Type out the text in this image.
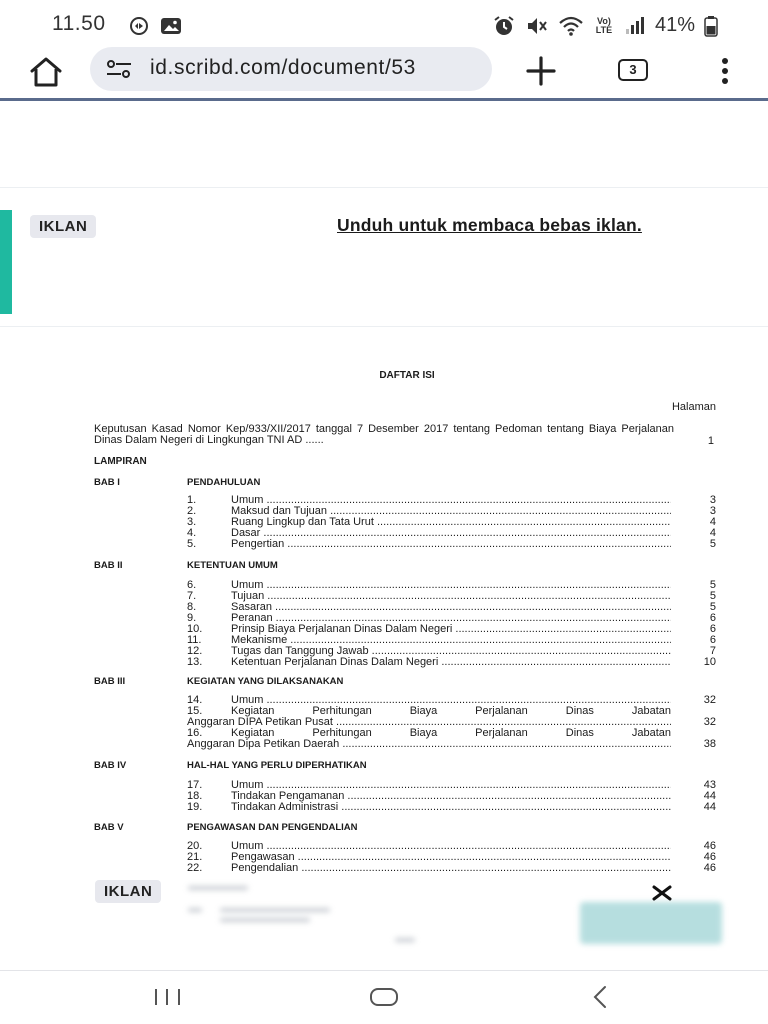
11.50	Vo) LTE 41%
id.scribd.com/document/53	3
IKLAN	Unduh untuk membaca bebas iklan.
DAFTAR ISI
Halaman
Keputusan Kasad Nomor Kep/933/XII/2017 tanggal 7 Desember 2017 tentang Pedoman tentang Biaya Perjalanan Dinas Dalam Negeri di Lingkungan TNI AD ......	1
LAMPIRAN
BAB I	PENDAHULUAN
1.	Umum .....	3
2.	Maksud dan Tujuan .....	3
3.	Ruang Lingkup dan Tata Urut .....	4
4.	Dasar .....	4
5.	Pengertian .....	5
BAB II	KETENTUAN UMUM
6.	Umum .....	5
7.	Tujuan .....	5
8.	Sasaran .....	5
9.	Peranan .....	6
10.	Prinsip Biaya Perjalanan Dinas Dalam Negeri .....	6
11.	Mekanisme .....	6
12.	Tugas dan Tanggung Jawab .....	7
13.	Ketentuan Perjalanan Dinas Dalam Negeri .....	10
BAB III	KEGIATAN YANG DILAKSANAKAN
14.	Umum .....	32
15.	Kegiatan Perhitungan Biaya Perjalanan Dinas Jabatan
Anggaran DIPA Petikan Pusat .....	32
16.	Kegiatan Perhitungan Biaya Perjalanan Dinas Jabatan
Anggaran Dipa Petikan Daerah .....	38
BAB IV	HAL-HAL YANG PERLU DIPERHATIKAN
17.	Umum .....	43
18.	Tindakan Pengamanan .....	44
19.	Tindakan Administrasi .....	44
BAB V	PENGAWASAN DAN PENGENDALIAN
20.	Umum .....	46
21.	Pengawasan .....	46
22.	Pengendalian .....	46
IKLAN
